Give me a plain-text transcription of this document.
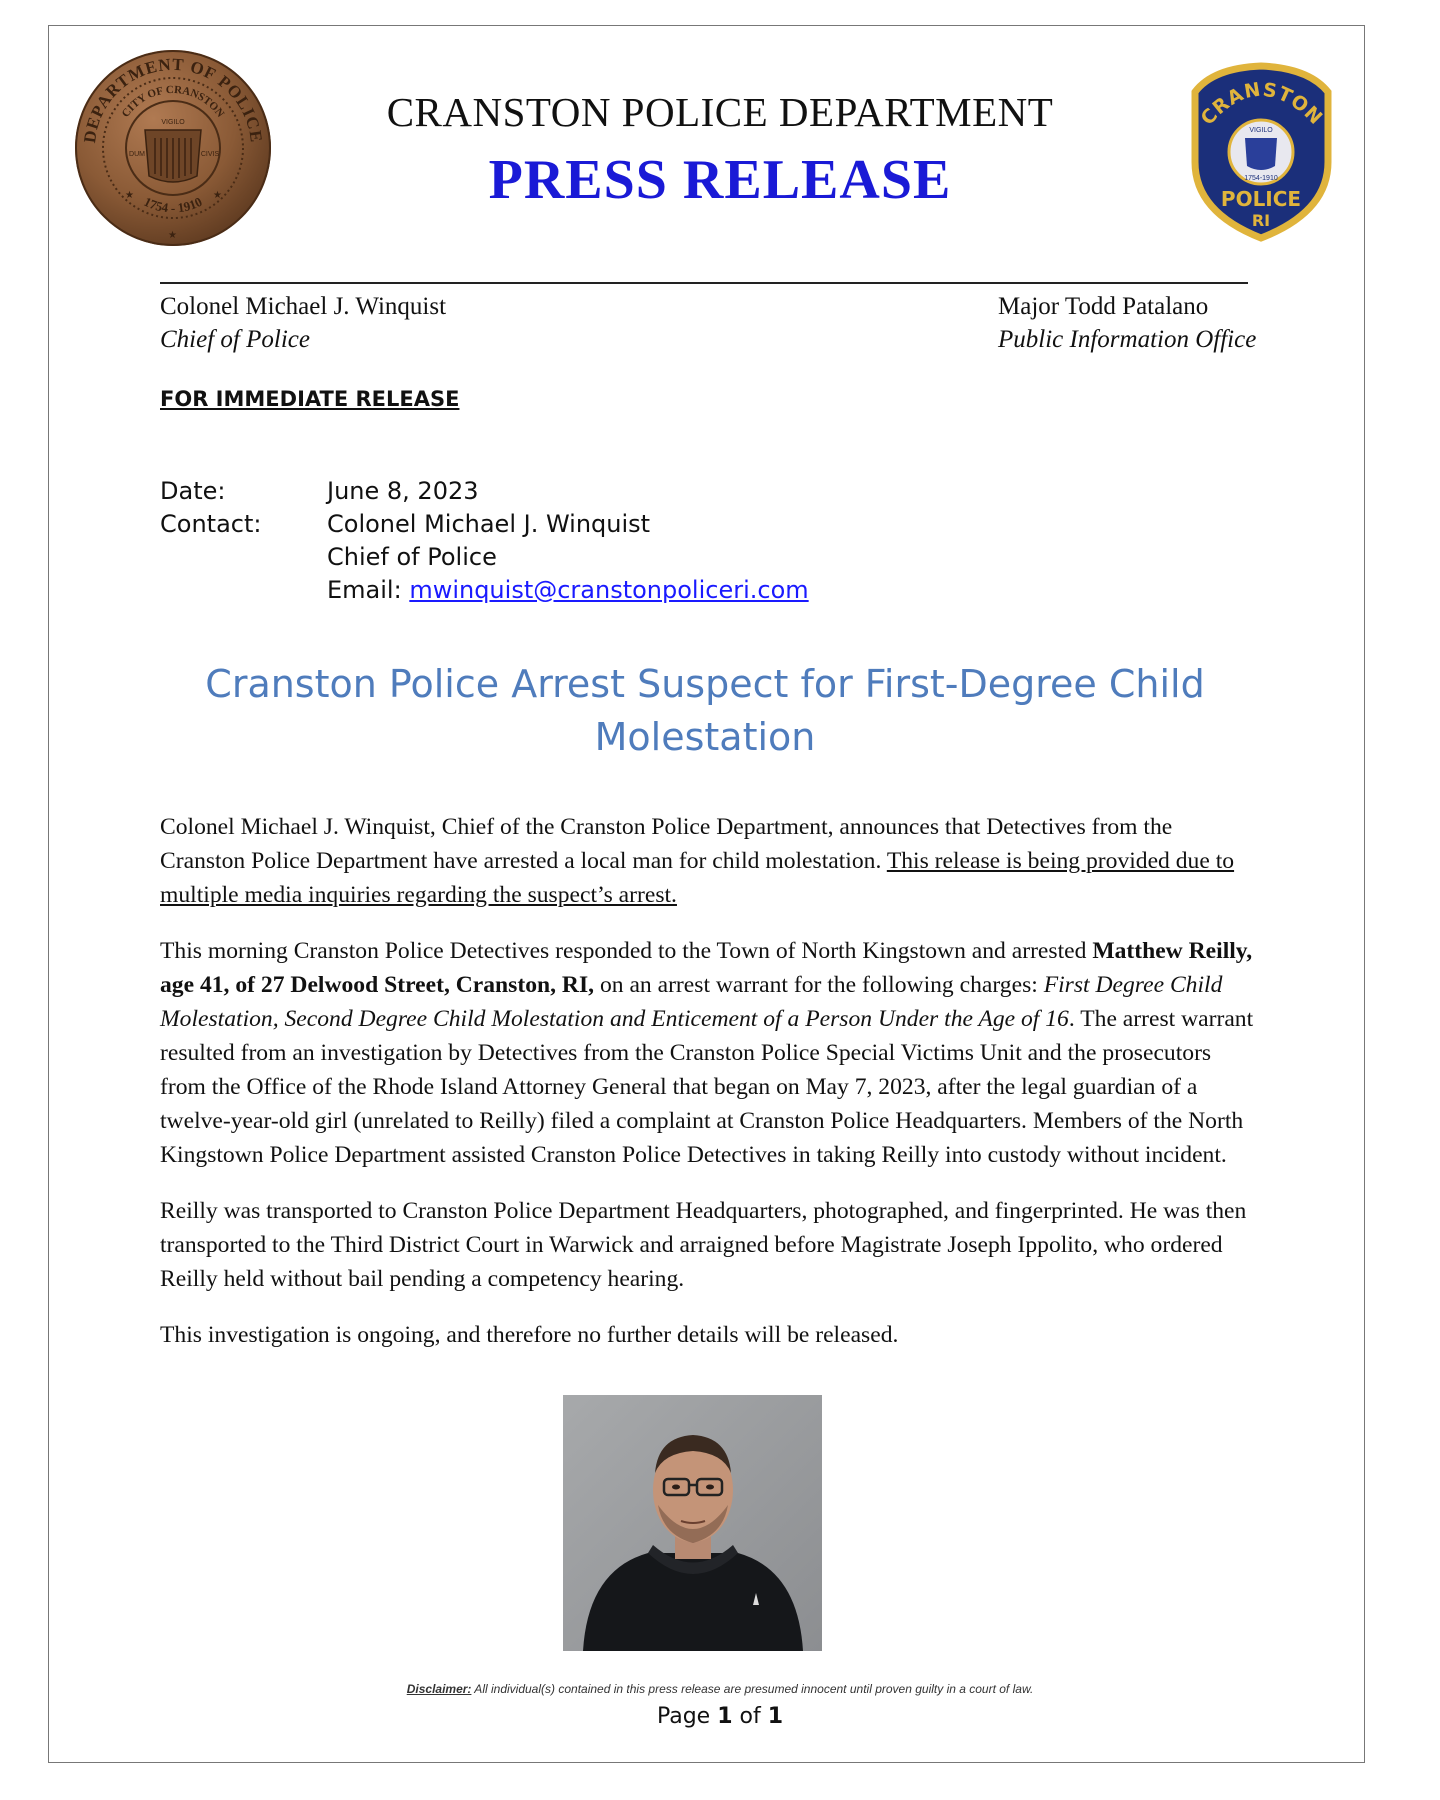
DEPARTMENT OF POLICE
CITY OF CRANSTON
1754 - 1910
VIGILO
DUM	CIVIS
★	★
★
CRANSTON POLICE DEPARTMENT
PRESS RELEASE
CRANSTON
VIGILO
1754-1910
POLICE
RI
Colonel Michael J. Winquist
Chief of Police
Major Todd Patalano
Public Information Office
FOR IMMEDIATE RELEASE
Date:	June 8, 2023
Contact:	Colonel Michael J. Winquist
Chief of Police
Email: mwinquist@cranstonpoliceri.com
Cranston Police Arrest Suspect for First-Degree Child
Molestation

Colonel Michael J. Winquist, Chief of the Cranston Police Department, announces that Detectives from the Cranston Police Department have arrested a local man for child molestation. This release is being provided due to multiple media inquiries regarding the suspect’s arrest.

This morning Cranston Police Detectives responded to the Town of North Kingstown and arrested Matthew Reilly, age 41, of 27 Delwood Street, Cranston, RI, on an arrest warrant for the following charges: First Degree Child Molestation, Second Degree Child Molestation and Enticement of a Person Under the Age of 16. The arrest warrant resulted from an investigation by Detectives from the Cranston Police Special Victims Unit and the prosecutors from the Office of the Rhode Island Attorney General that began on May 7, 2023, after the legal guardian of a twelve-year-old girl (unrelated to Reilly) filed a complaint at Cranston Police Headquarters. Members of the North Kingstown Police Department assisted Cranston Police Detectives in taking Reilly into custody without incident.

Reilly was transported to Cranston Police Department Headquarters, photographed, and fingerprinted. He was then transported to the Third District Court in Warwick and arraigned before Magistrate Joseph Ippolito, who ordered Reilly held without bail pending a competency hearing.

This investigation is ongoing, and therefore no further details will be released.

Disclaimer: All individual(s) contained in this press release are presumed innocent until proven guilty in a court of law.
Page 1 of 1
